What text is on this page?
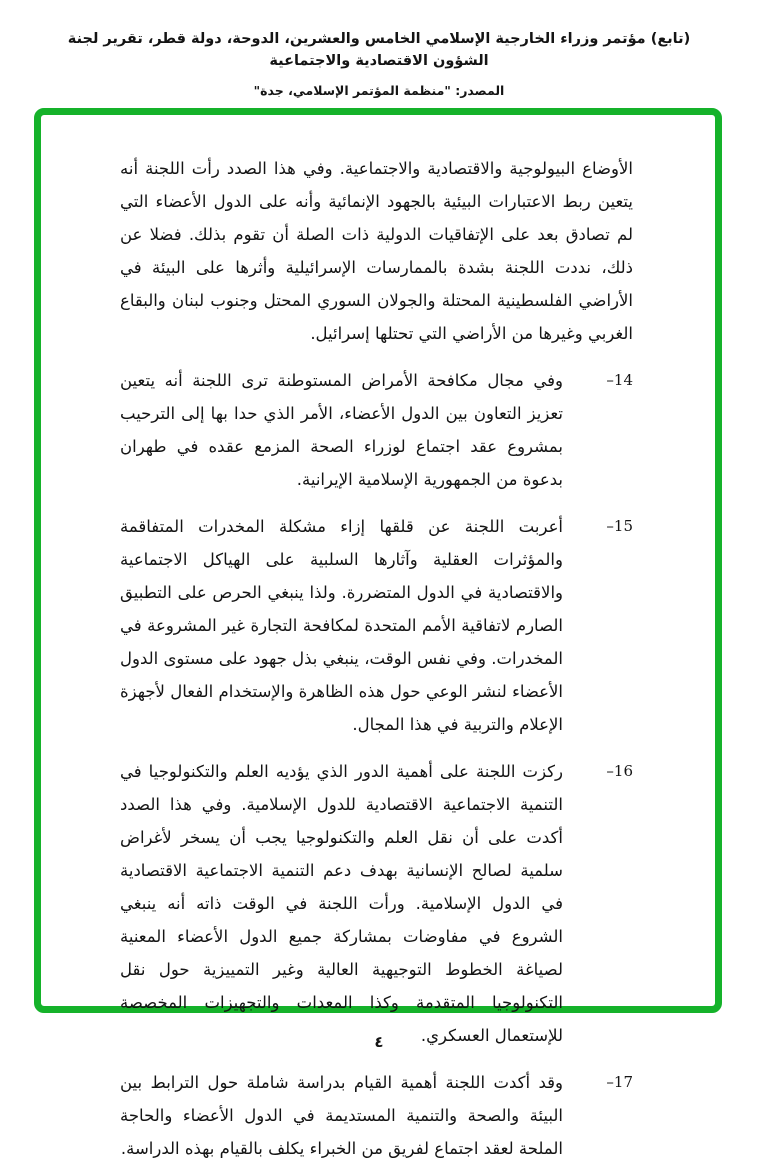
(تابع) مؤتمر وزراء الخارجية الإسلامي الخامس والعشرين، الدوحة، دولة قطر، تقرير لجنة الشؤون الاقتصادية والاجتماعية
المصدر: "منظمة المؤتمر الإسلامي، جدة"

الأوضاع البيولوجية والاقتصادية والاجتماعية. وفي هذا الصدد رأت اللجنة أنه يتعين ربط الاعتبارات البيئية بالجهود الإنمائية وأنه على الدول الأعضاء التي لم تصادق بعد على الإتفاقيات الدولية ذات الصلة أن تقوم بذلك. فضلا عن ذلك، نددت اللجنة بشدة بالممارسات الإسرائيلية وأثرها على البيئة في الأراضي الفلسطينية المحتلة والجولان السوري المحتل وجنوب لبنان والبقاع الغربي وغيرها من الأراضي التي تحتلها إسرائيل.

–14
وفي مجال مكافحة الأمراض المستوطنة ترى اللجنة أنه يتعين تعزيز التعاون بين الدول الأعضاء، الأمر الذي حدا بها إلى الترحيب بمشروع عقد اجتماع لوزراء الصحة المزمع عقده في طهران بدعوة من الجمهورية الإسلامية الإيرانية.
–15
أعربت اللجنة عن قلقها إزاء مشكلة المخدرات المتفاقمة والمؤثرات العقلية وآثارها السلبية على الهياكل الاجتماعية والاقتصادية في الدول المتضررة. ولذا ينبغي الحرص على التطبيق الصارم لاتفاقية الأمم المتحدة لمكافحة التجارة غير المشروعة في المخدرات. وفي نفس الوقت، ينبغي بذل جهود على مستوى الدول الأعضاء لنشر الوعي حول هذه الظاهرة والإستخدام الفعال لأجهزة الإعلام والتربية في هذا المجال.
–16
ركزت اللجنة على أهمية الدور الذي يؤديه العلم والتكنولوجيا في التنمية الاجتماعية الاقتصادية للدول الإسلامية. وفي هذا الصدد أكدت على أن نقل العلم والتكنولوجيا يجب أن يسخر لأغراض سلمية لصالح الإنسانية بهدف دعم التنمية الاجتماعية الاقتصادية في الدول الإسلامية. ورأت اللجنة في الوقت ذاته أنه ينبغي الشروع في مفاوضات بمشاركة جميع الدول الأعضاء المعنية لصياغة الخطوط التوجيهية العالية وغير التمييزية حول نقل التكنولوجيا المتقدمة وكذا المعدات والتجهيزات المخصصة للإستعمال العسكري.
–17
وقد أكدت اللجنة أهمية القيام بدراسة شاملة حول الترابط بين البيئة والصحة والتنمية المستديمة في الدول الأعضاء والحاجة الملحة لعقد اجتماع لفريق من الخبراء يكلف بالقيام بهذه الدراسة.
٤
